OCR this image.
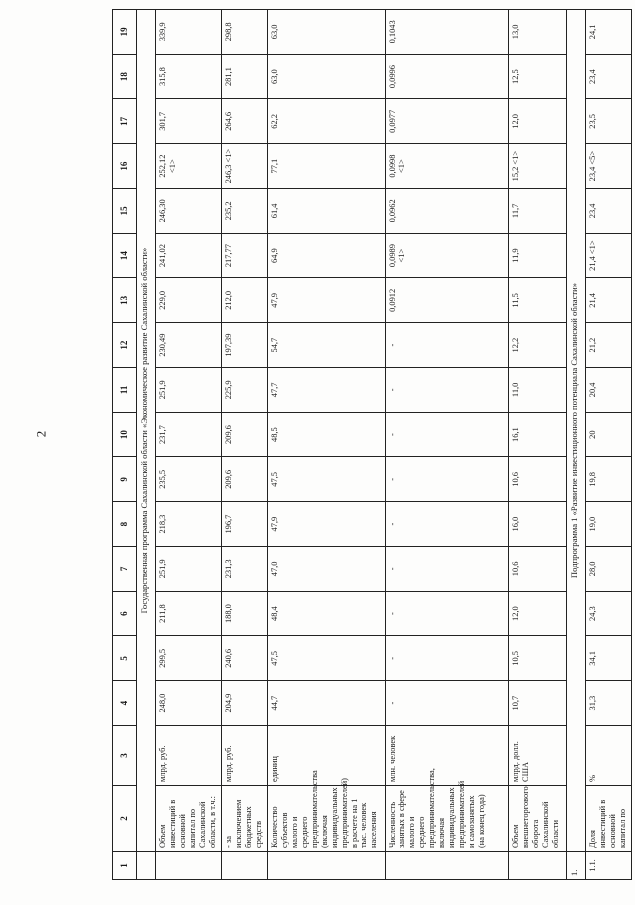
2
1	2	3	4	5	6	7	8	9	10	11	12	13	14	15	16	17	18	19
	Государственная программа Сахалинской области «Экономическое развитие Сахалинской области»																	
	Объем инвестиций в основной капитал по Сахалинской области, в т.ч.:	млрд. руб.	248,0	299,5	211,8	251,9	218,3	235,5	231,7	251,9	230,49	229,0	241,02	246,30	252,12 <1>	301,7	315,8	339,9
	- за исключением бюджетных средств	млрд. руб.	204,9	240,6	188,0	231,3	196,7	209,6	209,6	225,9	197,39	212,0	217,77	235,2	246,3 <1>	264,6	281,1	298,8
	Количество субъектов малого и среднего предпринимательства (включая индивидуальных предпринимателей) в расчете на 1 тыс. человек населения	единиц	44,7	47,5	48,4	47,0	47,9	47,5	48,5	47,7	54,7	47,9	64,9	61,4	77,1	62,2	63,0	63,0
	Численность занятых в сфере малого и среднего предпринимательства, включая индивидуальных предпринимателей и самозанятых (на конец года)	млн. человек	-	-	-	-	-	-	-	-	-	0,0912	0,0989 <1>	0,0962	0,0998 <1>	0,0977	0,0996	0,1043
	Объем внешнеторгового оборота Сахалинской области	млрд. долл. США	10,7	10,5	12,0	10,6	16,0	10,6	16,1	11,0	12,2	11,5	11,9	11,7	15,2 <1>	12,0	12,5	13,0
1.	Подпрограмма 1 «Развитие инвестиционного потенциала Сахалинской области»																	
1.1.	Доля инвестиций в основной капитал по	%	31,3	34,1	24,3	28,0	19,0	19,8	20	20,4	21,2	21,4	21,4 <1>	23,4	23,4 <5>	23,5	23,4	24,1
